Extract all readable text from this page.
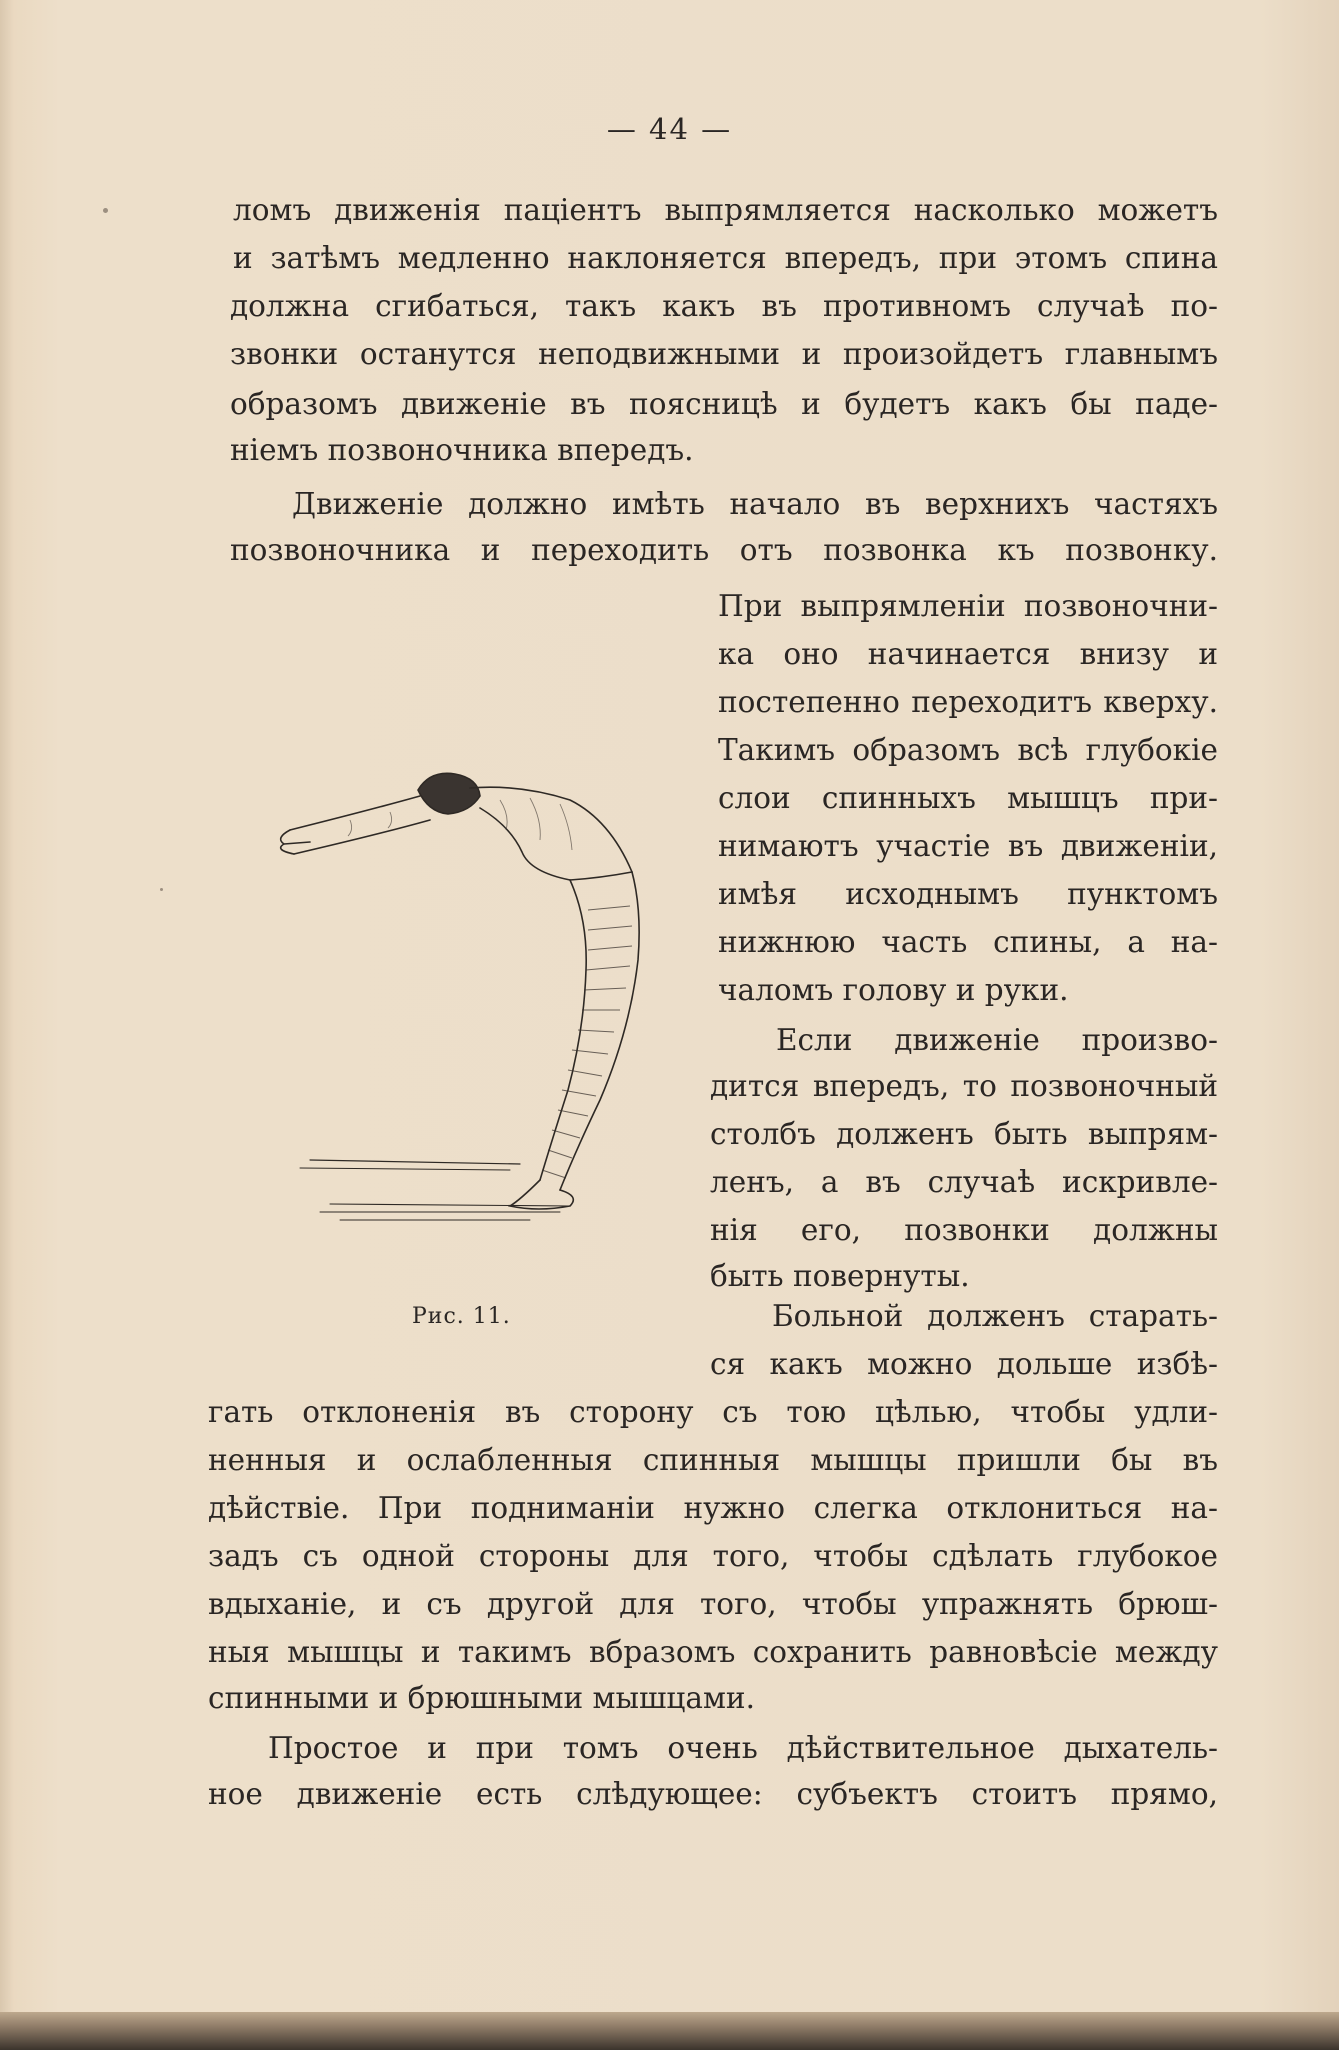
— 44 —
ломъ движенія паціентъ выпрямляется насколько можетъ
и затѣмъ медленно наклоняется впередъ, при этомъ спина
должна сгибаться, такъ какъ въ противномъ случаѣ по-
звонки останутся неподвижными и произойдетъ главнымъ
образомъ движеніе въ поясницѣ и будетъ какъ бы паде-
ніемъ позвоночника впередъ.
Движеніе должно имѣть начало въ верхнихъ частяхъ
позвоночника и переходить отъ позвонка къ позвонку.
При выпрямленіи позвоночни-
ка оно начинается внизу и
постепенно переходитъ кверху.
Такимъ образомъ всѣ глубокіе
слои спинныхъ мышцъ при-
нимаютъ участіе въ движеніи,
имѣя исходнымъ пунктомъ
нижнюю часть спины, а на-
чаломъ голову и руки.
Если движеніе произво-
дится впередъ, то позвоночный
столбъ долженъ быть выпрям-
ленъ, а въ случаѣ искривле-
нія его, позвонки должны
быть повернуты.
Больной долженъ старать-
ся какъ можно дольше избѣ-
гать отклоненія въ сторону съ тою цѣлью, чтобы удли-
ненныя и ослабленныя спинныя мышцы пришли бы въ
дѣйствіе. При подниманіи нужно слегка отклониться на-
задъ съ одной стороны для того, чтобы сдѣлать глубокое
вдыханіе, и съ другой для того, чтобы упражнять брюш-
ныя мышцы и такимъ вбразомъ сохранить равновѣсіе между
спинными и брюшными мышцами.
Простое и при томъ очень дѣйствительное дыхатель-
ное движеніе есть слѣдующее: субъектъ стоитъ прямо,
Рис. 11.
